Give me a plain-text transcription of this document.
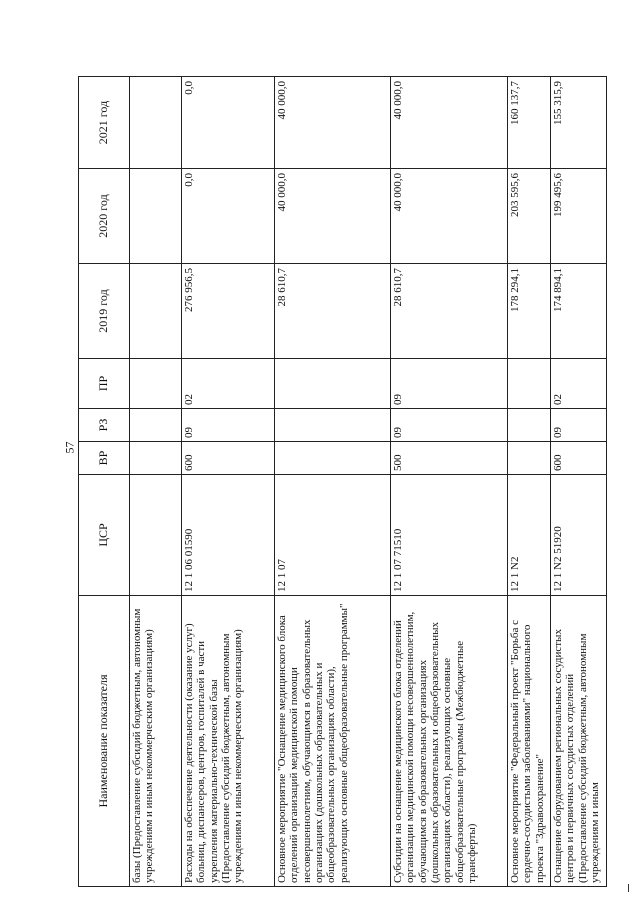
57
Наименование показателя	ЦСР	ВР	РЗ	ПР	2019 год	2020 год	2021 год
базы (Предоставление субсидий бюджетным, автономным учреждениям и иным некоммерческим организациям)							
Расходы на обеспечение деятельности (оказание услуг) больниц, диспансеров, центров, госпиталей в части укрепления материально-технической базы (Предоставление субсидий бюджетным, автономным учреждениям и иным некоммерческим организациям)	12 1 06 01590	600	09	02	276 956,5	0,0	0,0
Основное мероприятие "Оснащение медицинского блока отделений организаций медицинской помощи несовершеннолетним, обучающимся в образовательных организациях (дошкольных образовательных и общеобразовательных организациях области), реализующих основные общеобразовательные программы"	12 1 07				28 610,7	40 000,0	40 000,0
Субсидии на оснащение медицинского блока отделений организации медицинской помощи несовершеннолетним, обучающимся в образовательных организациях (дошкольных образовательных и общеобразовательных организациях области), реализующих основные общеобразовательные программы (Межбюджетные трансферты)	12 1 07 71510	500	09	09	28 610,7	40 000,0	40 000,0
Основное мероприятие "Федеральный проект "Борьба с сердечно-сосудистыми заболеваниями" национального проекта "Здравоохранение"	12 1 N2				178 294,1	203 595,6	160 137,7
Оснащение оборудованием региональных сосудистых центров и первичных сосудистых отделений (Предоставление субсидий бюджетным, автономным учреждениям и иным	12 1 N2 51920	600	09	02	174 894,1	199 495,6	155 315,9
